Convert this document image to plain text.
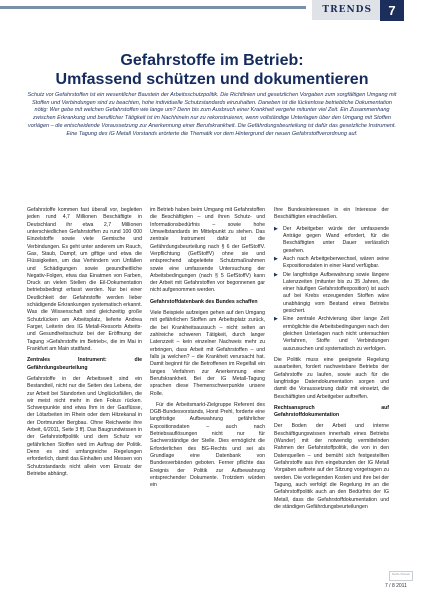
TRENDS	7
Gefahrstoffe im Betrieb:
Umfassend schützen und dokumentieren

Schutz vor Gefahrstoffen ist ein wesentlicher Baustein der Arbeitsschutzpolitik. Die Richtlinien und gesetzlichen Vorgaben zum sorgfältigen Umgang mit Stoffen und Verbindungen sind zu beachten, hohe individuelle Schutzstandards einzuhalten. Daneben ist die lückenlose betriebliche Dokumentation nötig: Wer gebe mit welchen Gefahrstoffen wie lange um? Denn bis zum Ausbruch einer Krankheit vergehe mitunter viel Zeit. Ein Zusammenhang zwischen Erkrankung und beruflicher Tätigkeit ist im Nachhinein nur zu rekonstruieren, wenn vollständige Unterlagen über den Umgang mit Stoffen vorlägen – die entscheidende Voraussetzung zur Anerkennung einer Berufskrankheit. Die Gefährdungsbeurteilung ist dafür das gesetzliche Instrument. Eine Tagung des IG Metall Vorstands erörterte die Thematik vor dem Hintergrund der neuen Gefahrstoffverordnung auf.

Gefahrstoffe kommen fast überall vor, begleiten jeden rund 4,7 Millionen Beschäftigte in Deutschland ihr etwa 2,7 Millionen unterschiedlichen Gefahrstoffen zu rund 100 000 Einzelstoffe sowie viele Gemische und Verbindungen. Es geht unter anderem um Rauch, Gas, Staub, Dampf, um giftige und etwa die Flüssigkeiten, um das Verhindern von Unfällen und Schädigungen sowie gesundheitliche Negativ-Folgen, etwa das Einatmen von Farben, Druck an vielen Stellen die Eil-Dokumentation betriebsbedingt erfasst werden. Nur bei einer Deutlichkeit der Gefahrstoffe werden lieber schädigende Erkrankungen systematisch erkannt. Was die Wissenschaft sind gleichzeitig große Schutzlücken am Arbeitsplatz, lieferte Andrea Farger, Leiterin des IG Metall-Ressorts Arbeits- und Gesundheitsschutz bei der Eröffnung der Tagung »Gefahrstoffe im Betrieb«, die im Mai in Frankfurt am Main stattfand.

Zentrales Instrument: die Gefährdungsbeurteilung

Gefahrstoffe in der Arbeitswelt sind ein Bestandteil, nicht nur die Seiten des Lebens, der zur Arbeit bei Standorten und Unglücksfällen, die wir meist nicht mehr in den Fokus rücken. Schwerpunkte sind etwa Ihm in der Gasflüsse, der Lötarbeiten im Rhein oder dem Hitzekanal in der Dortmunder Bergbau. Ohne Reichweite ihre Arbeit, 6/2011, Seite 3 ff). Das Baugrundwissen in der Gefahrstoffpolitik und dem Schutz vor gefährlichen Stoffen wird im Auftrag der Politik. Denn es sind umfangreiche Regelungen erforderlich, damit das Einhalten und Messen von Schutzstandards nicht allein vom Einsatz der Betriebe abhängt.

im Betrieb haben beim Umgang mit Gefahrstoffen die Beschäftigten – und ihren Schutz- und Informationsbedürfnis – sowie hohe Umweltstandards im Mittelpunkt zu stehen. Das zentrale Instrument dafür ist die Gefährdungsbeurteilung nach § 6 der GefStoffV. Verpflichtung (GefStoffV) ohne sie und entsprechend abgeleitete Schutzmaßnahmen sowie eine umfassende Untersuchung der Arbeitsbedingungen (nach § 5 GefStoffV) kann der Arbeit mit Gefahrstoffen vor begonnenen gar nicht aufgenommen werden.

Gefahrstoffdatenbank des Bundes schaffen

Viele Beispiele aufzeigen gehen auf den Umgang mit gefährlichen Stoffen am Arbeitsplatz zurück, die bei Krankheitsaussuch – nicht selten an zahlreiche schweren Tätigkeit, durch langer Latenzzeit – kein einzelner Nachweis mehr zu erbringen, dass Arbeit mit Gefahrstoffen – und falls ja welchen? – die Krankheit verursacht hat. Damit beginnt für die Betroffenen im Regelfall ein langes Verfahren zur Anerkennung einer Berufskrankheit. Bei der IG Metall-Tagung sprachen diese Themenschwerpunkte unsere Rolle.

Für die Arbeitsmarkt-Zielgruppe Referent des DGB-Bundesvorstands, Horst Prehl, forderte eine langfristige Aufbewahrung gefährlicher Expositionsdaten – auch nach Betriebsauflösungen nicht nur für Sachverständige der Stelle. Dies ermöglicht die Erforderlichen des BG-Rechts und sei als Grundlage eine Datenbank von Bundesverbänden geboten. Ferner pflichte das Ereignis der Politik zur Aufbewahrung entsprechender Dokumente. Trotzdem würden ein

Ihre Bundesinteressen in ein Interesse der Beschäftigten einschließen.

▶ Der Arbeitgeber würde der umfassende Anträge gegen Wand erfordert, für die Beschäftigten unter Dauer verlässlich gesehen.
▶ Auch nach Arbeitgeberwechsel, wären seine Expositionsdaten in einer Hand verfügbar.
▶ Die langfristige Aufbewahrung sowie längere Latenzzeiten (mitunter bis zu 35 Jahren, die einer häufigen Gefahrstoffexposition) ist auch auf bei Krebs erzeugenden Stoffen wäre unabhängig vom Bestand eines Betriebs gesichert.
▶ Eine zentrale Archivierung über lange Zeit ermöglichte die Arbeitsbedingungen nach den gleichen Unterlagen nach nicht untersuchten Verfahren, Stoffe und Verbindungen auszusuchen und systematisch zu verfolgen.

Die Politik muss eine geeignete Regelung ausarbeiten, fordert nachweisbare Betriebs der Gefahrstoffe zu laufen, sowie auch für die langfristige Datendokumentation sorgen und damit die Voraussetzung dafür mit einsetzt, die Beschäftigten und Arbeitgeber auftreffen.

Rechtsanspruch auf Gefahrstoffdokumentation

Der Boden der Arbeit und interne Beschäftigungswissen innerhalb eines Betriebs (Wunder) mit der notwendig vermittelnden Rahmen der Gefahrstoffpolitik, die von in den Datenquellen – und bemüht sich festgestellten Gefahrstoffe aus ihm eingebunden der IG Metall Vorgaben auftrete auf der Sitzung vorgetragen zu werden. Die vorliegenden Kosten und ihre bei der Tagung, auch verfolgt die Regelung im an die Gefahrstoffpolitik auch an den Bedürfnis der IG Metall, dass die Gefahrstoffdokumentation und die ständigen Gefährdungsbeurteilungen

Stoffe Wissen
7 / 8 2011
